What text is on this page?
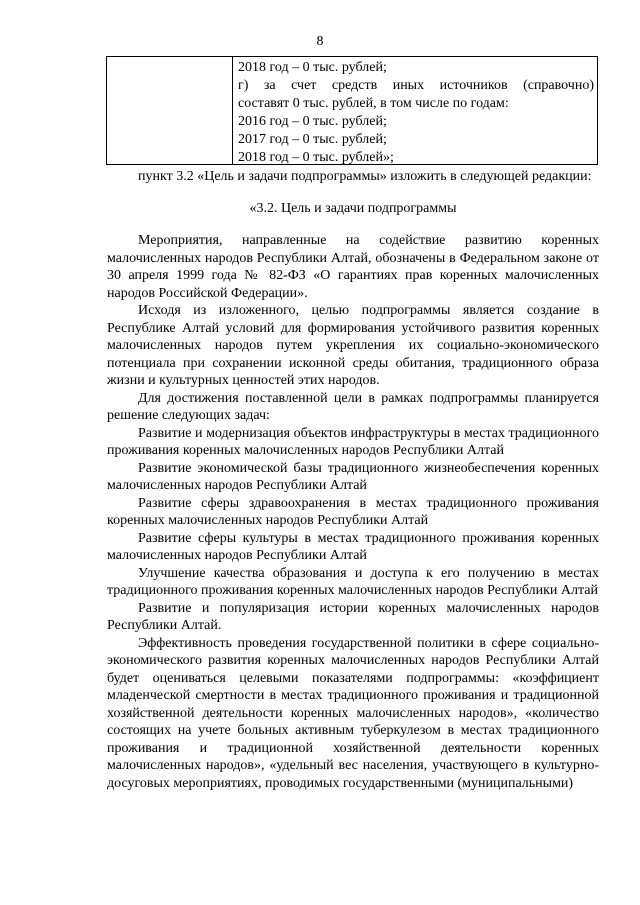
8
2018 год – 0 тыс. рублей;
г) за счет средств иных источников (справочно)
составят 0 тыс. рублей, в том числе по годам:
2016 год – 0 тыс. рублей;
2017 год – 0 тыс. рублей;
2018 год – 0 тыс. рублей»;

пункт 3.2 «Цель и задачи подпрограммы» изложить в следующей редакции:

«3.2. Цель и задачи подпрограммы

Мероприятия, направленные на содействие развитию коренных малочисленных народов Республики Алтай, обозначены в Федеральном законе от 30 апреля 1999 года № 82-ФЗ «О гарантиях прав коренных малочисленных народов Российской Федерации».

Исходя из изложенного, целью подпрограммы является создание в Республике Алтай условий для формирования устойчивого развития коренных малочисленных народов путем укрепления их социально-экономического потенциала при сохранении исконной среды обитания, традиционного образа жизни и культурных ценностей этих народов.

Для достижения поставленной цели в рамках подпрограммы планируется решение следующих задач:

Развитие и модернизация объектов инфраструктуры в местах традиционного проживания коренных малочисленных народов Республики Алтай

Развитие экономической базы традиционного жизнеобеспечения коренных малочисленных народов Республики Алтай

Развитие сферы здравоохранения в местах традиционного проживания коренных малочисленных народов Республики Алтай

Развитие сферы культуры в местах традиционного проживания коренных малочисленных народов Республики Алтай

Улучшение качества образования и доступа к его получению в местах традиционного проживания коренных малочисленных народов Республики Алтай

Развитие и популяризация истории коренных малочисленных народов Республики Алтай.

Эффективность проведения государственной политики в сфере социально-экономического развития коренных малочисленных народов Республики Алтай будет оцениваться целевыми показателями подпрограммы: «коэффициент младенческой смертности в местах традиционного проживания и традиционной хозяйственной деятельности коренных малочисленных народов», «количество состоящих на учете больных активным туберкулезом в местах традиционного проживания и традиционной хозяйственной деятельности коренных малочисленных народов», «удельный вес населения, участвующего в культурно-досуговых мероприятиях, проводимых государственными (муниципальными)
